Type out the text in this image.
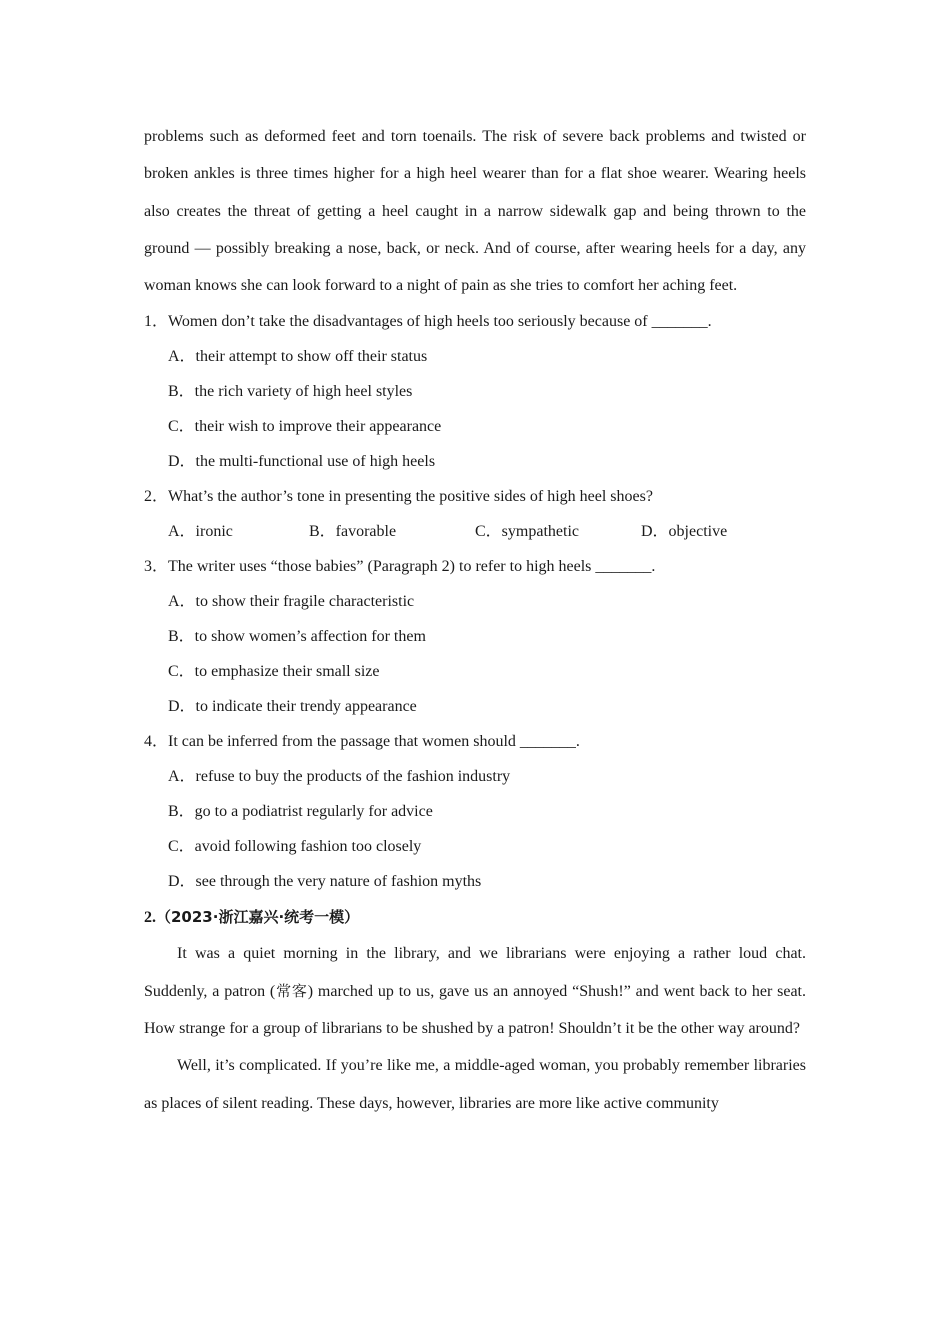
problems such as deformed feet and torn toenails. The risk of severe back problems and twisted or broken ankles is three times higher for a high heel wearer than for a flat shoe wearer. Wearing heels also creates the threat of getting a heel caught in a narrow sidewalk gap and being thrown to the ground — possibly breaking a nose, back, or neck. And of course, after wearing heels for a day, any woman knows she can look forward to a night of pain as she tries to comfort her aching feet.

1．Women don’t take the disadvantages of high heels too seriously because of _______.

A．their attempt to show off their status

B．the rich variety of high heel styles

C．their wish to improve their appearance

D．the multi-functional use of high heels

2．What’s the author’s tone in presenting the positive sides of high heel shoes?

A．ironic	B．favorable	C．sympathetic	D．objective

3．The writer uses “those babies” (Paragraph 2) to refer to high heels _______.

A．to show their fragile characteristic

B．to show women’s affection for them

C．to emphasize their small size

D．to indicate their trendy appearance

4．It can be inferred from the passage that women should _______.

A．refuse to buy the products of the fashion industry

B．go to a podiatrist regularly for advice

C．avoid following fashion too closely

D．see through the very nature of fashion myths

2.（2023·浙江嘉兴·统考一模）

It was a quiet morning in the library, and we librarians were enjoying a rather loud chat. Suddenly, a patron (常客) marched up to us, gave us an annoyed “Shush!” and went back to her seat. How strange for a group of librarians to be shushed by a patron! Shouldn’t it be the other way around?

Well, it’s complicated. If you’re like me, a middle-aged woman, you probably remember libraries as places of silent reading. These days, however, libraries are more like active community
